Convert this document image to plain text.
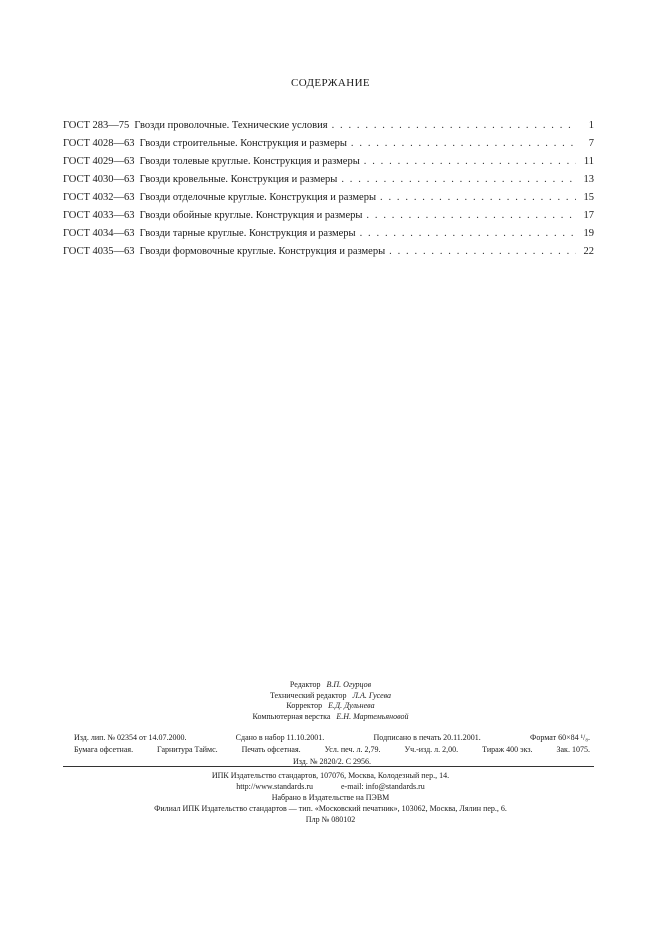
СОДЕРЖАНИЕ
ГОСТ 283—75 Гвозди проволочные. Технические условия . . .	1
ГОСТ 4028—63 Гвозди строительные. Конструкция и размеры . . .	7
ГОСТ 4029—63 Гвозди толевые круглые. Конструкция и размеры . . .	11
ГОСТ 4030—63 Гвозди кровельные. Конструкция и размеры . . .	13
ГОСТ 4032—63 Гвозди отделочные круглые. Конструкция и размеры . . .	15
ГОСТ 4033—63 Гвозди обойные круглые. Конструкция и размеры . . .	17
ГОСТ 4034—63 Гвозди тарные круглые. Конструкция и размеры . . .	19
ГОСТ 4035—63 Гвозди формовочные круглые. Конструкция и размеры . . .	22
Редактор В.П. Огурцов
Технический редактор Л.А. Гусева
Корректор Е.Д. Дульнева
Компьютерная верстка Е.Н. Мартемьяновой
Изд. лип. № 02354 от 14.07.2000.	Сдано в набор 11.10.2001.	Подписано в печать 20.11.2001.	Формат 60×84 ¹/₈.
Бумага офсетная.	Гарнитура Таймс.	Печать офсетная.	Усл. печ. л. 2,79.	Уч.-изд. л. 2,00.	Тираж 400 экз.	Зак. 1075.
Изд. № 2820/2. С 2956.
ИПК Издательство стандартов, 107076, Москва, Колодезный пер., 14.
http://www.standards.ru	e-mail: info@standards.ru
Набрано в Издательстве на ПЭВМ
Филиал ИПК Издательство стандартов — тип. «Московский печатник», 103062, Москва, Лялин пер., 6.
Плр № 080102
